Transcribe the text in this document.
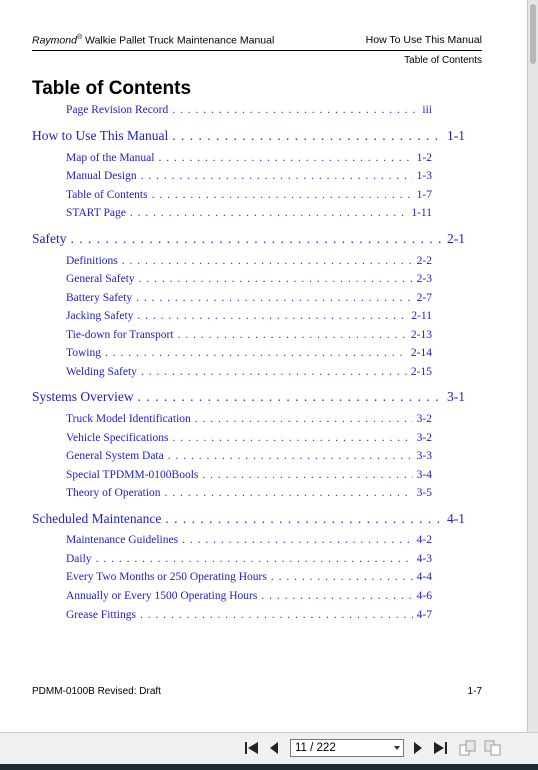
Raymond® Walkie Pallet Truck Maintenance Manual	How To Use This Manual
Table of Contents
Table of Contents
Page Revision Record . . .	iii
How to Use This Manual . . .	1-1
Map of the Manual . . .	1-2
Manual Design . . .	1-3
Table of Contents . . .	1-7
START Page . . .	1-11
Safety . . .	2-1
Definitions . . .	2-2
General Safety . . .	2-3
Battery Safety . . .	2-7
Jacking Safety . . .	2-11
Tie-down for Transport . . .	2-13
Towing . . .	2-14
Welding Safety . . .	2-15
Systems Overview . . .	3-1
Truck Model Identification . . .	3-2
Vehicle Specifications . . .	3-2
General System Data . . .	3-3
Special TPDMM-0100Bools . . .	3-4
Theory of Operation . . .	3-5
Scheduled Maintenance . . .	4-1
Maintenance Guidelines . . .	4-2
Daily . . .	4-3
Every Two Months or 250 Operating Hours . . .	4-4
Annually or Every 1500 Operating Hours . . .	4-6
Grease Fittings . . .	4-7
PDMM-0100B Revised: Draft	1-7
11 / 222
